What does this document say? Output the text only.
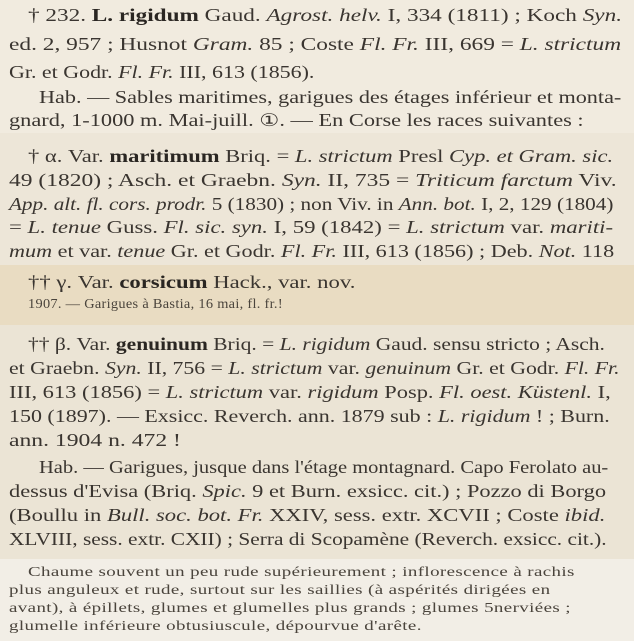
† 232. L. rigidum Gaud. Agrost. helv. I, 334 (1811) ; Koch Syn.
ed. 2, 957 ; Husnot Gram. 85 ; Coste Fl. Fr. III, 669 = L. strictum
Gr. et Godr. Fl. Fr. III, 613 (1856).
Hab. — Sables maritimes, garigues des étages inférieur et monta-
gnard, 1-1000 m. Mai-juill. ①. — En Corse les races suivantes :
† α. Var. maritimum Briq. = L. strictum Presl Cyp. et Gram. sic.
49 (1820) ; Asch. et Graebn. Syn. II, 735 = Triticum farctum Viv.
App. alt. fl. cors. prodr. 5 (1830) ; non Viv. in Ann. bot. I, 2, 129 (1804)
= L. tenue Guss. Fl. sic. syn. I, 59 (1842) = L. strictum var. mariti-
mum et var. tenue Gr. et Godr. Fl. Fr. III, 613 (1856) ; Deb. Not. 118
†† γ. Var. corsicum Hack., var. nov.
1907. — Garigues à Bastia, 16 mai, fl. fr.!
†† β. Var. genuinum Briq. = L. rigidum Gaud. sensu stricto ; Asch.
et Graebn. Syn. II, 756 = L. strictum var. genuinum Gr. et Godr. Fl. Fr.
III, 613 (1856) = L. strictum var. rigidum Posp. Fl. oest. Küstenl. I,
150 (1897). — Exsicc. Reverch. ann. 1879 sub : L. rigidum ! ; Burn.
ann. 1904 n. 472 !
Hab. — Garigues, jusque dans l'étage montagnard. Capo Ferolato au-
dessus d'Evisa (Briq. Spic. 9 et Burn. exsicc. cit.) ; Pozzo di Borgo
(Boullu in Bull. soc. bot. Fr. XXIV, sess. extr. XCVII ; Coste ibid.
XLVIII, sess. extr. CXII) ; Serra di Scopamène (Reverch. exsicc. cit.).
Chaume souvent un peu rude supérieurement ; inflorescence à rachis
plus anguleux et rude, surtout sur les saillies (à aspérités dirigées en
avant), à épillets, glumes et glumelles plus grands ; glumes 5nerviées ;
glumelle inférieure obtusiuscule, dépourvue d'arête.
